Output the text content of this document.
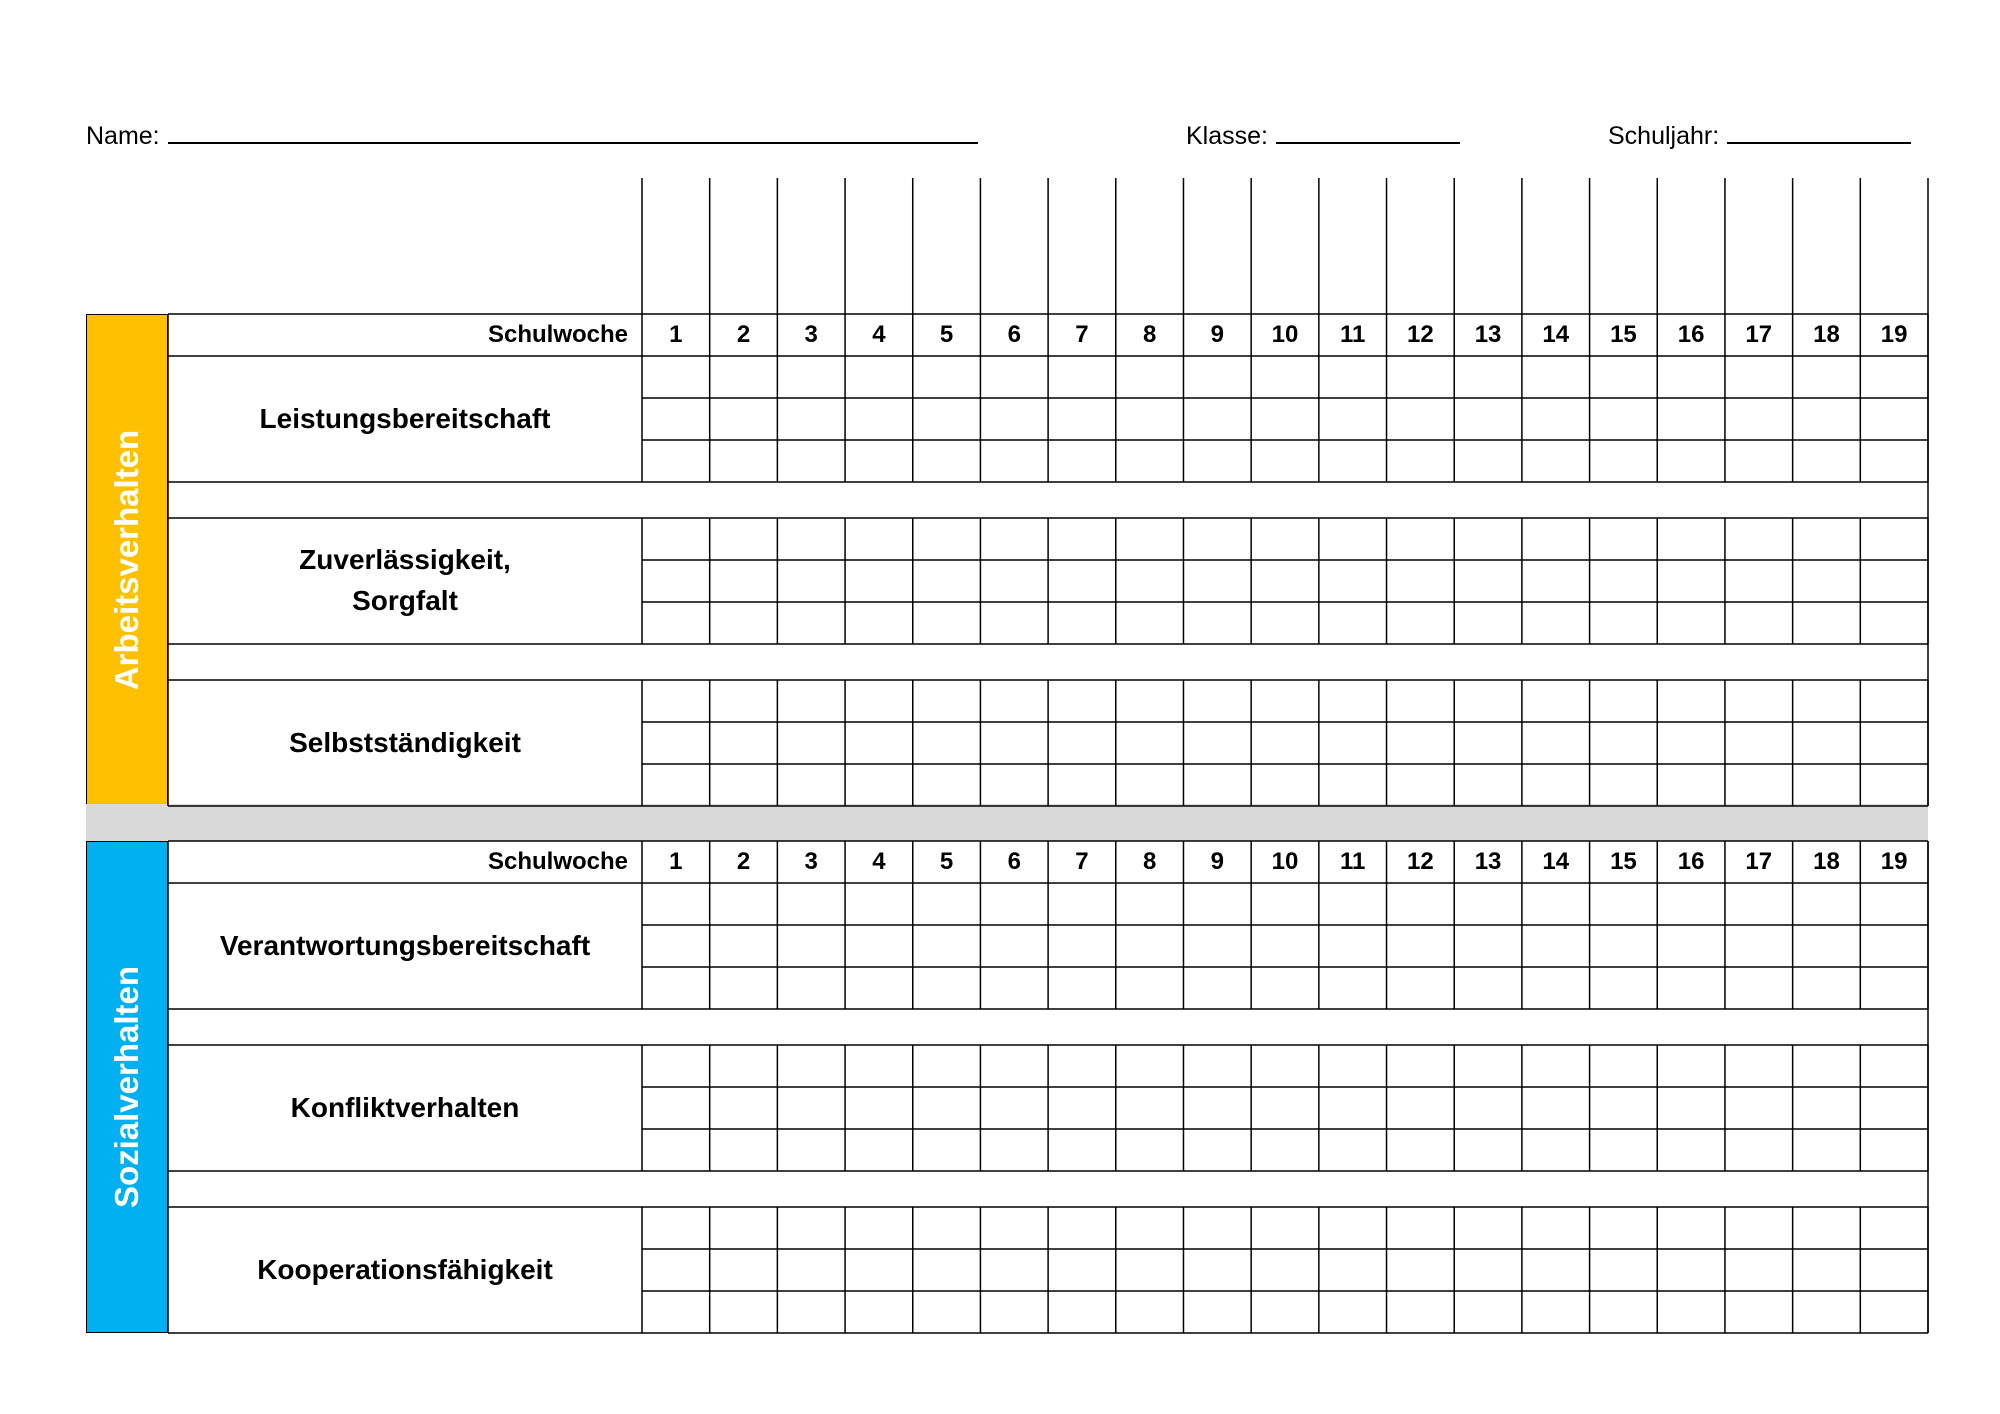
Name:	Klasse:	Schuljahr:
Arbeitsverhalten
Schulwoche	1	2	3	4	5	6	7	8	9	10	11	12	13	14	15	16	17	18	19
Leistungsbereitschaft
Zuverlässigkeit,
Sorgfalt
Selbstständigkeit
Sozialverhalten
Schulwoche	1	2	3	4	5	6	7	8	9	10	11	12	13	14	15	16	17	18	19
Verantwortungsbereitschaft
Konfliktverhalten
Kooperationsfähigkeit
